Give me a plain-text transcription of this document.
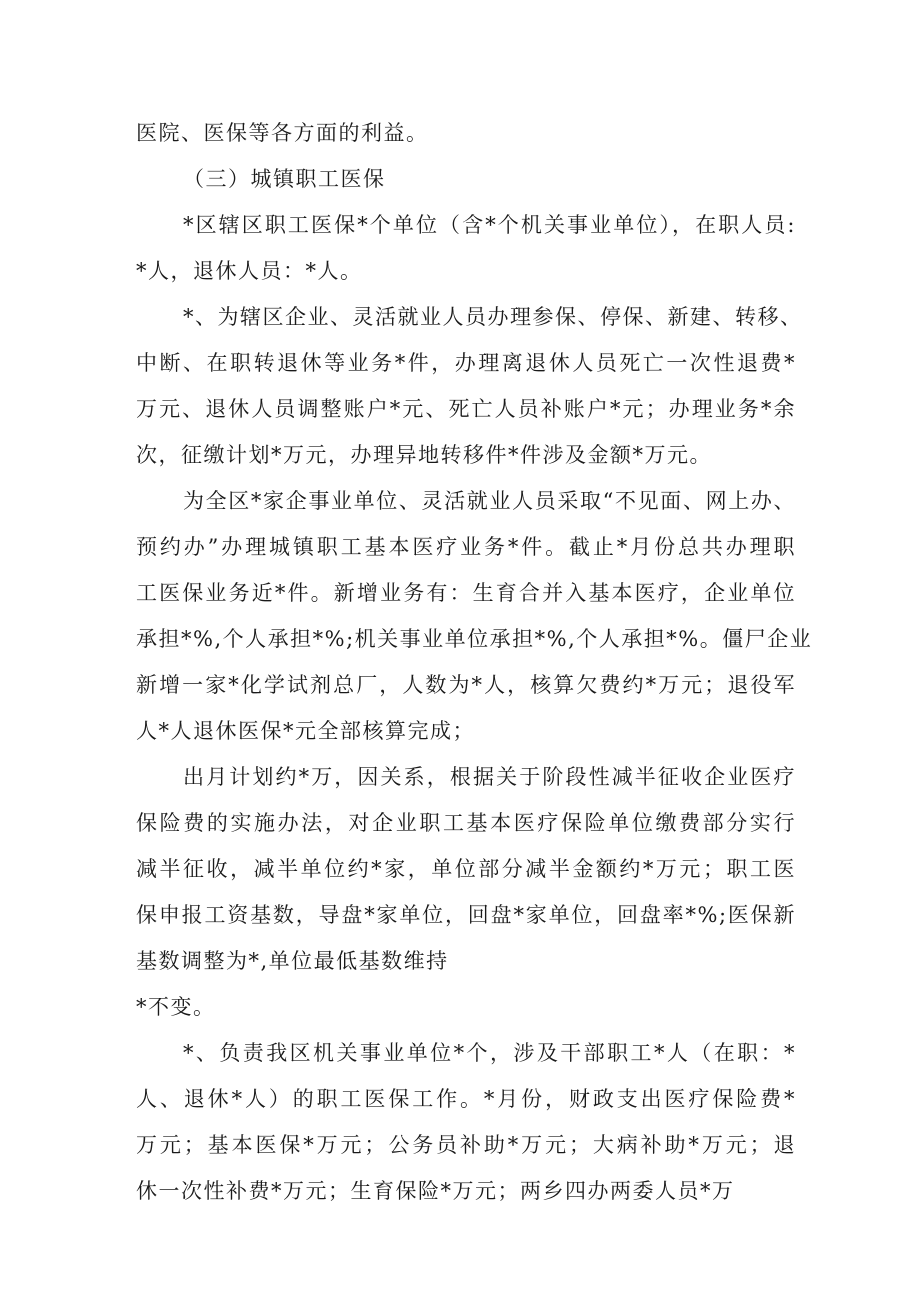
医院、医保等各方面的利益。
（三）城镇职工医保
*区辖区职工医保*个单位（含*个机关事业单位），在职人员:
*人，退休人员：*人。
*、为辖区企业、灵活就业人员办理参保、停保、新建、转移、
中断、在职转退休等业务*件，办理离退休人员死亡一次性退费*
万元、退休人员调整账户*元、死亡人员补账户*元；办理业务*余
次，征缴计划*万元，办理异地转移件*件涉及金额*万元。
为全区*家企事业单位、灵活就业人员采取“不见面、网上办、
预约办”办理城镇职工基本医疗业务*件。截止*月份总共办理职
工医保业务近*件。新增业务有：生育合并入基本医疗，企业单位
承担*%,个人承担*%;机关事业单位承担*%,个人承担*%。僵尸企业
新增一家*化学试剂总厂，人数为*人，核算欠费约*万元；退役军
人*人退休医保*元全部核算完成；
出月计划约*万，因关系，根据关于阶段性减半征收企业医疗
保险费的实施办法，对企业职工基本医疗保险单位缴费部分实行
减半征收，减半单位约*家，单位部分减半金额约*万元；职工医
保申报工资基数，导盘*家单位，回盘*家单位，回盘率*%;医保新
基数调整为*,单位最低基数维持
*不变。
*、负责我区机关事业单位*个，涉及干部职工*人（在职：*
人、退休*人）的职工医保工作。*月份，财政支出医疗保险费*
万元；基本医保*万元；公务员补助*万元；大病补助*万元；退
休一次性补费*万元；生育保险*万元；两乡四办两委人员*万
